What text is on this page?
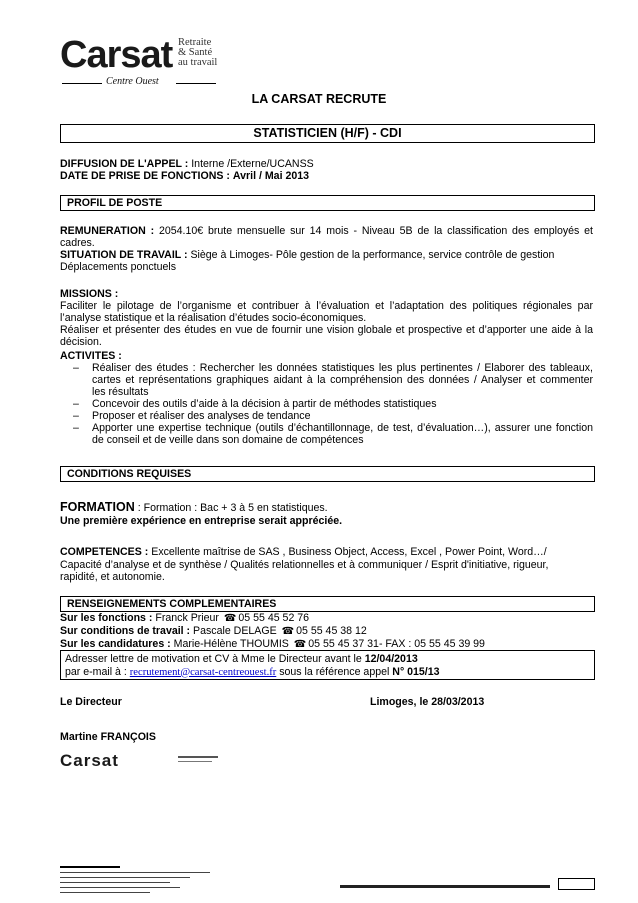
Carsat Retraite
& Santé
au travail
Centre Ouest
LA CARSAT RECRUTE
STATISTICIEN (H/F) - CDI
DIFFUSION DE L'APPEL : Interne /Externe/UCANSS
DATE DE PRISE DE FONCTIONS : Avril / Mai 2013
PROFIL DE POSTE
REMUNERATION : 2054.10€ brute mensuelle sur 14 mois - Niveau 5B de la classification des employés et
cadres.
SITUATION DE TRAVAIL : Siège à Limoges- Pôle gestion de la performance, service contrôle de gestion
Déplacements ponctuels
MISSIONS :
Faciliter le pilotage de l’organisme et contribuer à l’évaluation et l’adaptation des politiques régionales par
l’analyse statistique et la réalisation d’études socio-économiques.
Réaliser et présenter des études en vue de fournir une vision globale et prospective et d’apporter une aide à la
décision.
ACTIVITES :
–	Réaliser des études : Rechercher les données statistiques les plus pertinentes / Elaborer des tableaux,
cartes et représentations graphiques aidant à la compréhension des données / Analyser et commenter
les résultats
–	Concevoir des outils d’aide à la décision à partir de méthodes statistiques
–	Proposer et réaliser des analyses de tendance
–	Apporter une expertise technique (outils d’échantillonnage, de test, d’évaluation…), assurer une fonction
de conseil et de veille dans son domaine de compétences
CONDITIONS REQUISES
FORMATION : Formation : Bac + 3 à 5 en statistiques.
Une première expérience en entreprise serait appréciée.
COMPETENCES : Excellente maîtrise de SAS , Business Object, Access, Excel , Power Point, Word…/
Capacité d’analyse et de synthèse / Qualités relationnelles et à communiquer / Esprit d'initiative, rigueur,
rapidité, et autonomie.
RENSEIGNEMENTS COMPLEMENTAIRES
Sur les fonctions : Franck Prieur ☎ 05 55 45 52 76
Sur conditions de travail : Pascale DELAGE ☎ 05 55 45 38 12
Sur les candidatures : Marie-Hélène THOUMIS ☎ 05 55 45 37 31- FAX : 05 55 45 39 99
Adresser lettre de motivation et CV à Mme le Directeur avant le 12/04/2013
par e-mail à : recrutement@carsat-centreouest.fr sous la référence appel N° 015/13
Le Directeur	Limoges, le 28/03/2013
Martine FRANÇOIS
Carsat
